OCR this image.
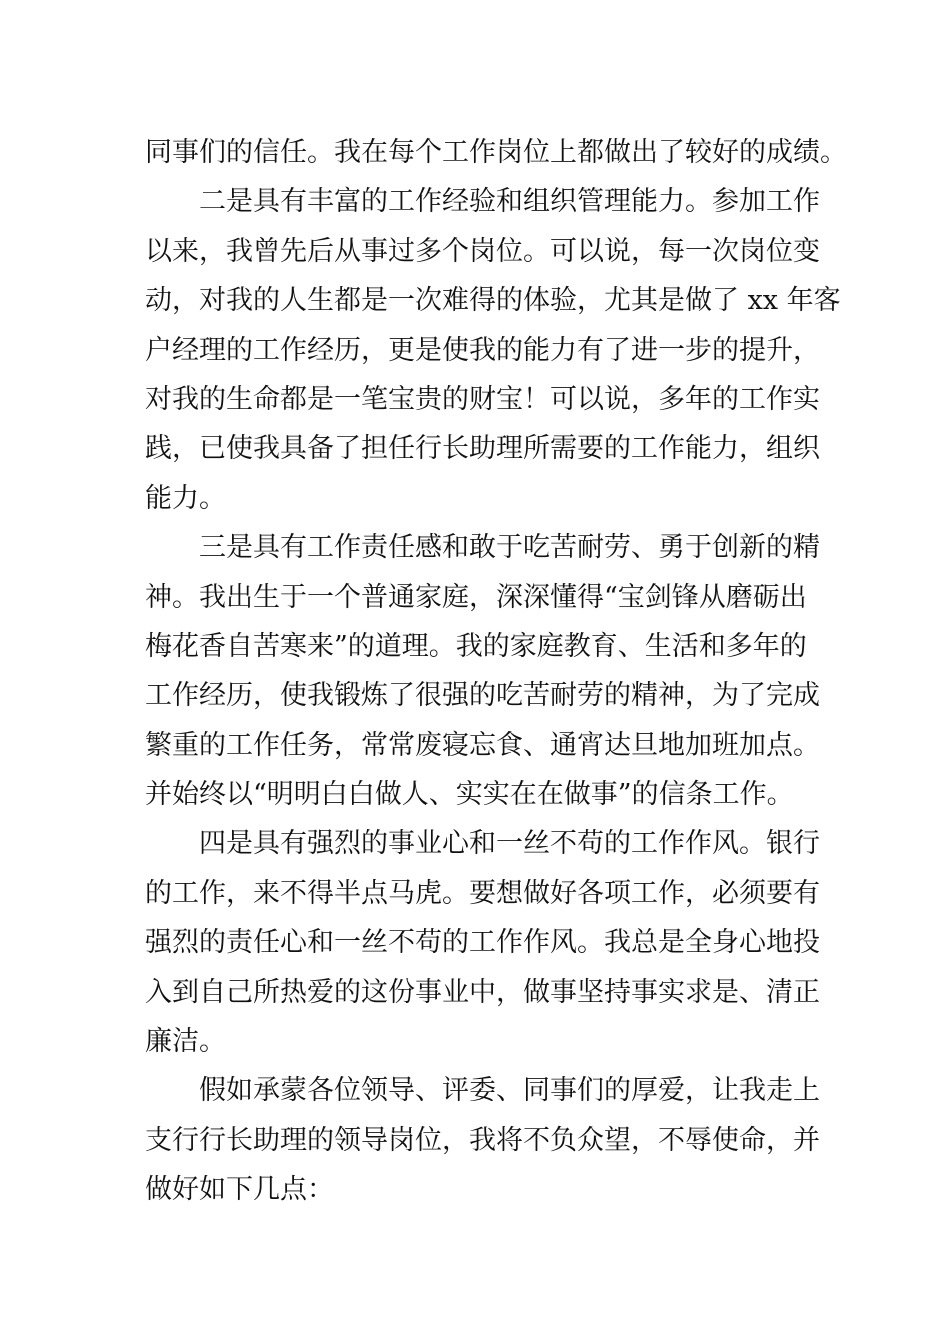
同事们的信任。我在每个工作岗位上都做出了较好的成绩。
二是具有丰富的工作经验和组织管理能力。参加工作
以来，我曾先后从事过多个岗位。可以说，每一次岗位变
动，对我的人生都是一次难得的体验，尤其是做了 xx 年客
户经理的工作经历，更是使我的能力有了进一步的提升，
对我的生命都是一笔宝贵的财宝！可以说，多年的工作实
践，已使我具备了担任行长助理所需要的工作能力，组织
能力。
三是具有工作责任感和敢于吃苦耐劳、勇于创新的精
神。我出生于一个普通家庭，深深懂得“宝剑锋从磨砺出
梅花香自苦寒来”的道理。我的家庭教育、生活和多年的
工作经历，使我锻炼了很强的吃苦耐劳的精神，为了完成
繁重的工作任务，常常废寝忘食、通宵达旦地加班加点。
并始终以“明明白白做人、实实在在做事”的信条工作。
四是具有强烈的事业心和一丝不苟的工作作风。银行
的工作，来不得半点马虎。要想做好各项工作，必须要有
强烈的责任心和一丝不苟的工作作风。我总是全身心地投
入到自己所热爱的这份事业中，做事坚持事实求是、清正
廉洁。
假如承蒙各位领导、评委、同事们的厚爱，让我走上
支行行长助理的领导岗位，我将不负众望，不辱使命，并
做好如下几点：
